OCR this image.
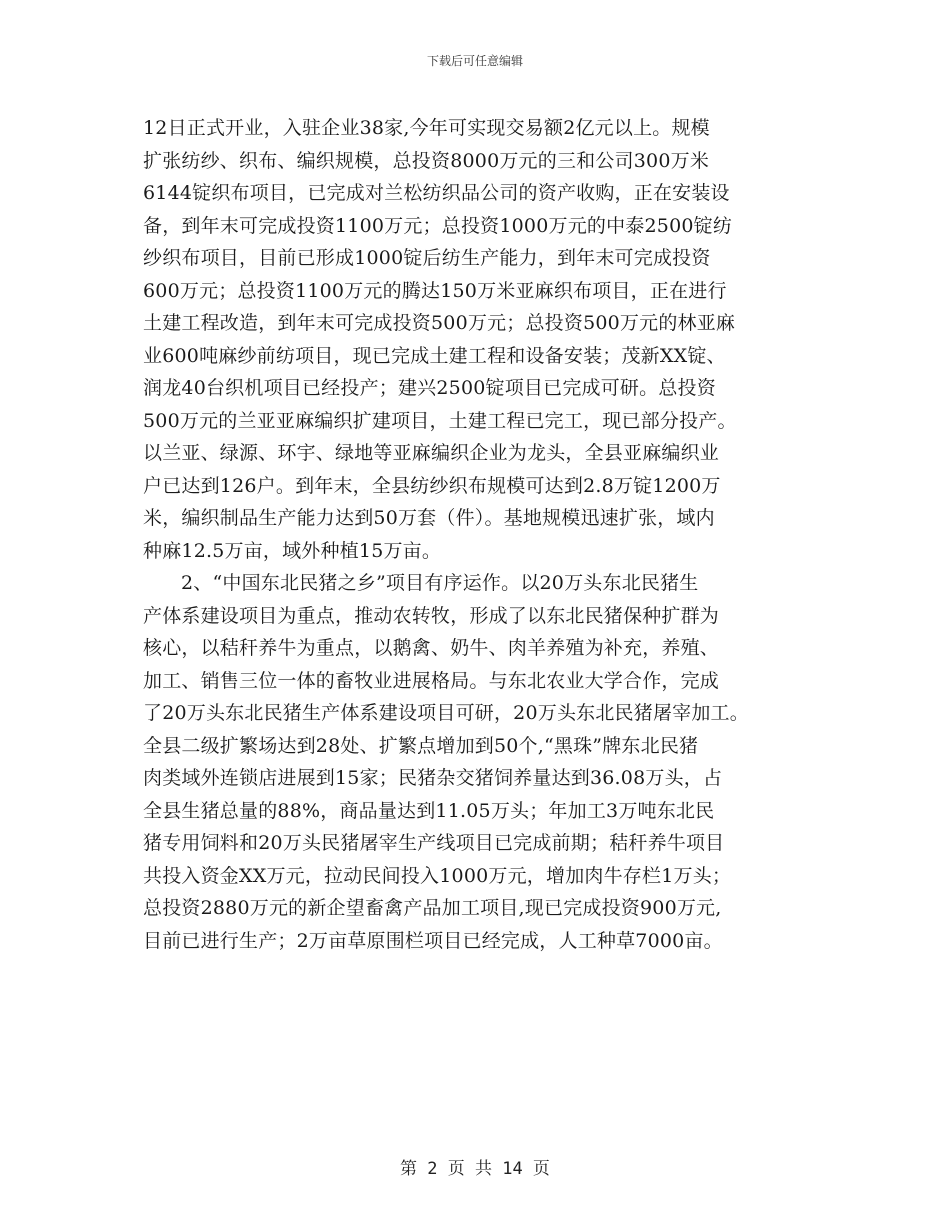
下载后可任意编辑
12日正式开业，入驻企业38家,今年可实现交易额2亿元以上。规模
扩张纺纱、织布、编织规模，总投资8000万元的三和公司300万米
6144锭织布项目，已完成对兰松纺织品公司的资产收购，正在安装设
备，到年末可完成投资1100万元；总投资1000万元的中泰2500锭纺
纱织布项目，目前已形成1000锭后纺生产能力，到年末可完成投资
600万元；总投资1100万元的腾达150万米亚麻织布项目，正在进行
土建工程改造，到年末可完成投资500万元；总投资500万元的林亚麻
业600吨麻纱前纺项目，现已完成土建工程和设备安装；茂新XX锭、
润龙40台织机项目已经投产；建兴2500锭项目已完成可研。总投资
500万元的兰亚亚麻编织扩建项目，土建工程已完工，现已部分投产。
以兰亚、绿源、环宇、绿地等亚麻编织企业为龙头，全县亚麻编织业
户已达到126户。到年末，全县纺纱织布规模可达到2.8万锭1200万
米，编织制品生产能力达到50万套（件）。基地规模迅速扩张，域内
种麻12.5万亩，域外种植15万亩。
2、“中国东北民猪之乡”项目有序运作。以20万头东北民猪生
产体系建设项目为重点，推动农转牧，形成了以东北民猪保种扩群为
核心，以秸秆养牛为重点，以鹅禽、奶牛、肉羊养殖为补充，养殖、
加工、销售三位一体的畜牧业进展格局。与东北农业大学合作，完成
了20万头东北民猪生产体系建设项目可研，20万头东北民猪屠宰加工。
全县二级扩繁场达到28处、扩繁点增加到50个,“黑珠”牌东北民猪
肉类域外连锁店进展到15家；民猪杂交猪饲养量达到36.08万头，占
全县生猪总量的88%，商品量达到11.05万头；年加工3万吨东北民
猪专用饲料和20万头民猪屠宰生产线项目已完成前期；秸秆养牛项目
共投入资金XX万元，拉动民间投入1000万元，增加肉牛存栏1万头；
总投资2880万元的新企望畜禽产品加工项目,现已完成投资900万元,
目前已进行生产；2万亩草原围栏项目已经完成，人工种草7000亩。
第 2 页 共 14 页
